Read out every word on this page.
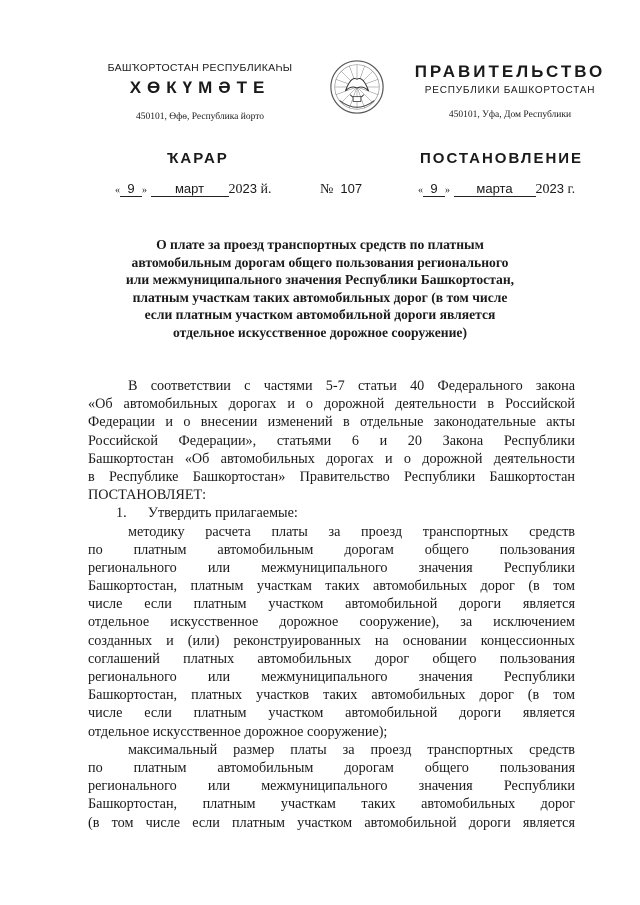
БАШҠОРТОСТАН РЕСПУБЛИКАҺЫ
ХӨКҮМӘТЕ
450101, Өфө, Республика йорто
ПРАВИТЕЛЬСТВО
РЕСПУБЛИКИ БАШКОРТОСТАН
450101, Уфа, Дом Республики
ҠАРАР	ПОСТАНОВЛЕНИЕ
« 9 » март 2023 й.	№ 107	« 9 » марта 2023 г.
О плате за проезд транспортных средств по платным
автомобильным дорогам общего пользования регионального
или межмуниципального значения Республики Башкортостан,
платным участкам таких автомобильных дорог (в том числе
если платным участком автомобильной дороги является
отдельное искусственное дорожное сооружение)
В соответствии с частями 5-7 статьи 40 Федерального закона
«Об автомобильных дорогах и о дорожной деятельности в Российской
Федерации и о внесении изменений в отдельные законодательные акты
Российской Федерации», статьями 6 и 20 Закона Республики
Башкортостан «Об автомобильных дорогах и о дорожной деятельности
в Республике Башкортостан» Правительство Республики Башкортостан
ПОСТАНОВЛЯЕТ:
1.      Утвердить прилагаемые:
методику расчета платы за проезд транспортных средств
по платным автомобильным дорогам общего пользования
регионального или межмуниципального значения Республики
Башкортостан, платным участкам таких автомобильных дорог (в том
числе если платным участком автомобильной дороги является
отдельное искусственное дорожное сооружение), за исключением
созданных и (или) реконструированных на основании концессионных
соглашений платных автомобильных дорог общего пользования
регионального или межмуниципального значения Республики
Башкортостан, платных участков таких автомобильных дорог (в том
числе если платным участком автомобильной дороги является
отдельное искусственное дорожное сооружение);
максимальный размер платы за проезд транспортных средств
по платным автомобильным дорогам общего пользования
регионального или межмуниципального значения Республики
Башкортостан, платным участкам таких автомобильных дорог
(в том числе если платным участком автомобильной дороги является
